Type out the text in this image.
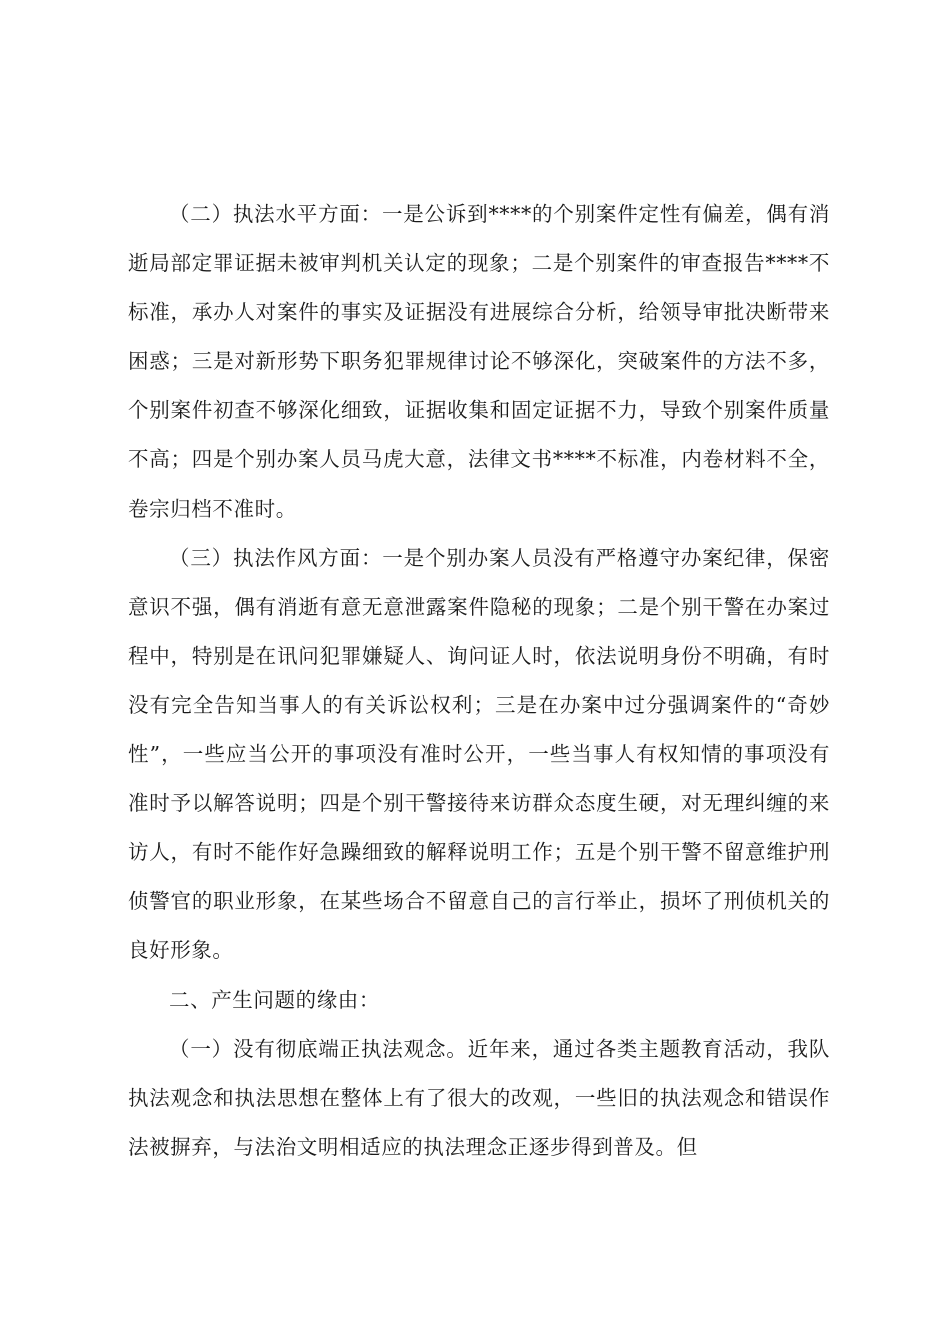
（二）执法水平方面：一是公诉到****的个别案件定性有偏差，偶有消逝局部定罪证据未被审判机关认定的现象；二是个别案件的审查报告****不标准，承办人对案件的事实及证据没有进展综合分析，给领导审批决断带来困惑；三是对新形势下职务犯罪规律讨论不够深化，突破案件的方法不多，个别案件初查不够深化细致，证据收集和固定证据不力，导致个别案件质量不高；四是个别办案人员马虎大意，法律文书****不标准，内卷材料不全，卷宗归档不准时。

（三）执法作风方面：一是个别办案人员没有严格遵守办案纪律，保密意识不强，偶有消逝有意无意泄露案件隐秘的现象；二是个别干警在办案过程中，特别是在讯问犯罪嫌疑人、询问证人时，依法说明身份不明确，有时没有完全告知当事人的有关诉讼权利；三是在办案中过分强调案件的“奇妙性”，一些应当公开的事项没有准时公开，一些当事人有权知情的事项没有准时予以解答说明；四是个别干警接待来访群众态度生硬，对无理纠缠的来访人，有时不能作好急躁细致的解释说明工作；五是个别干警不留意维护刑侦警官的职业形象，在某些场合不留意自己的言行举止，损坏了刑侦机关的良好形象。

二、产生问题的缘由：

（一）没有彻底端正执法观念。近年来，通过各类主题教育活动，我队执法观念和执法思想在整体上有了很大的改观，一些旧的执法观念和错误作法被摒弃，与法治文明相适应的执法理念正逐步得到普及。但
